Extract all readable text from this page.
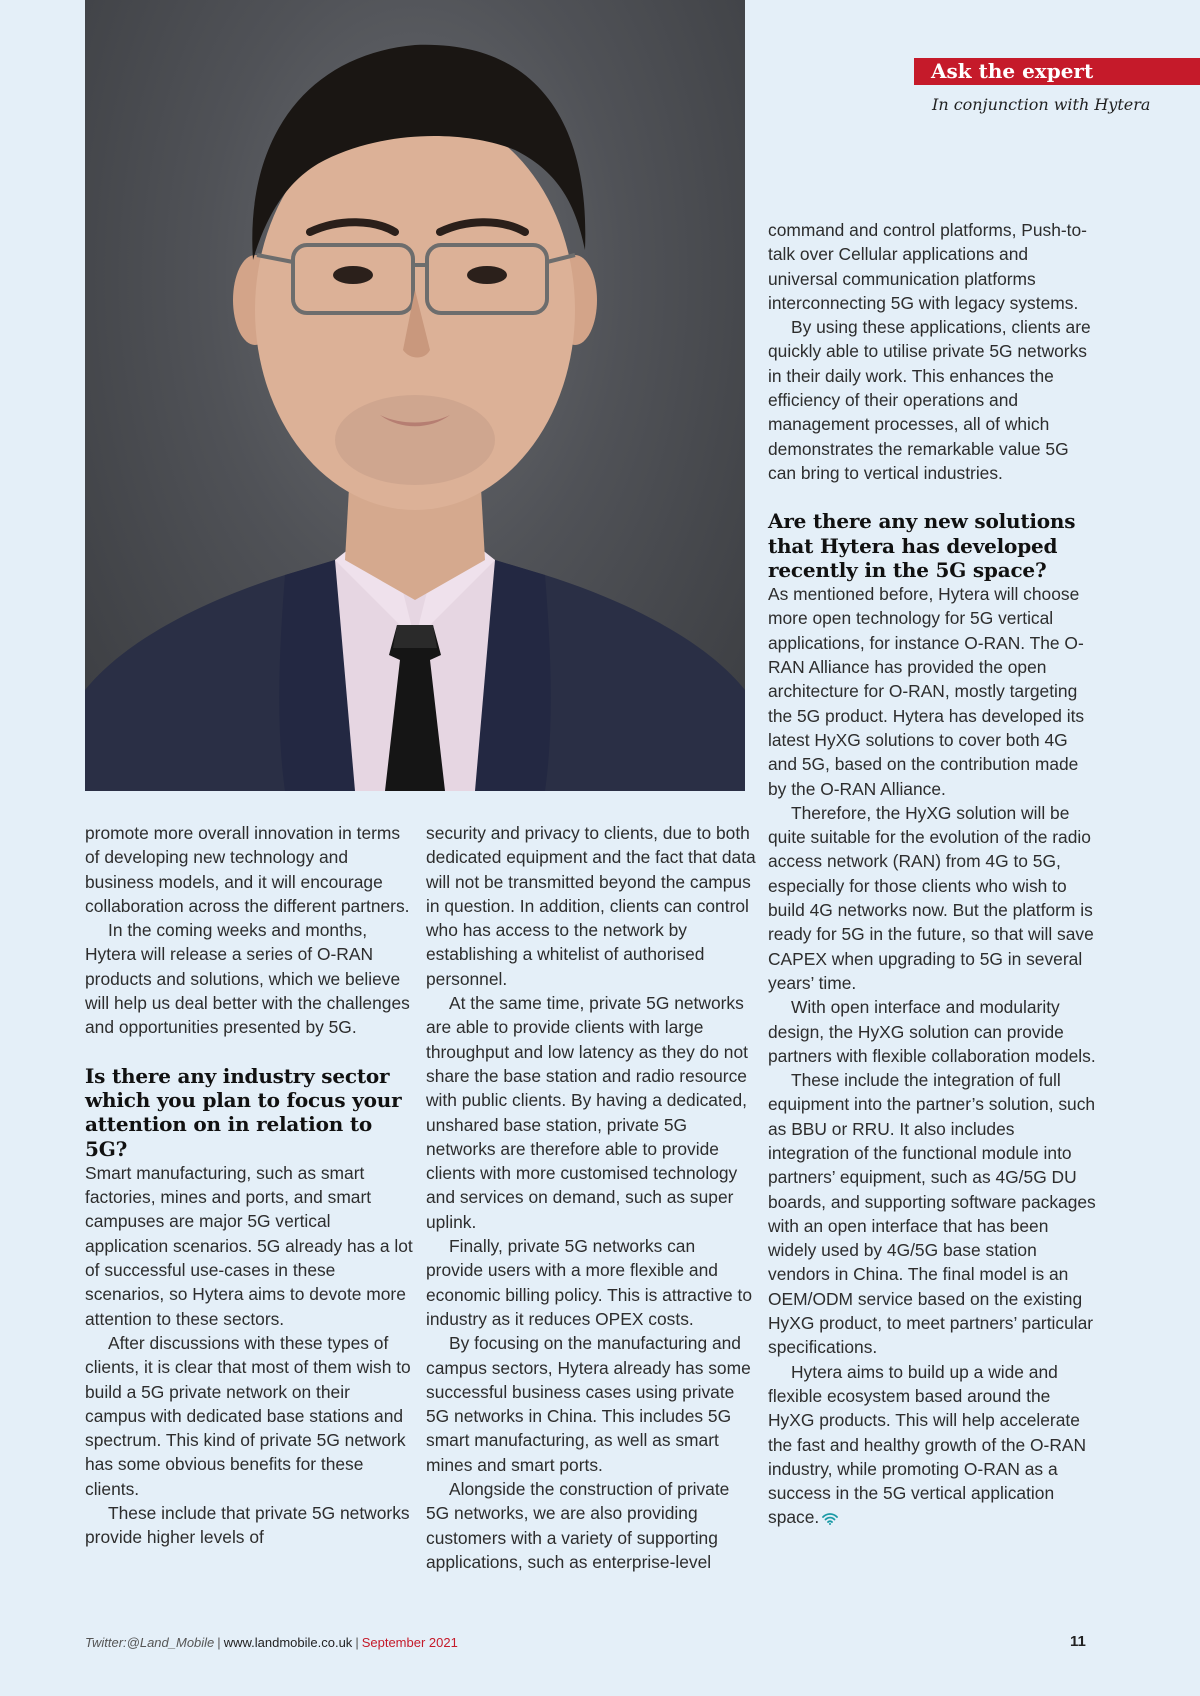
Ask the expert
In conjunction with Hytera

promote more overall innovation in terms of developing new technology and business models, and it will encourage collaboration across the different partners.

In the coming weeks and months, Hytera will release a series of O-RAN products and solutions, which we believe will help us deal better with the challenges and opportunities presented by 5G.

Is there any industry sector which you plan to focus your attention on in relation to 5G?

Smart manufacturing, such as smart factories, mines and ports, and smart campuses are major 5G vertical application scenarios. 5G already has a lot of successful use-cases in these scenarios, so Hytera aims to devote more attention to these sectors.

After discussions with these types of clients, it is clear that most of them wish to build a 5G private network on their campus with dedicated base stations and spectrum. This kind of private 5G network has some obvious benefits for these clients.

These include that private 5G networks provide higher levels of

security and privacy to clients, due to both dedicated equipment and the fact that data will not be transmitted beyond the campus in question. In addition, clients can control who has access to the network by establishing a whitelist of authorised personnel.

At the same time, private 5G networks are able to provide clients with large throughput and low latency as they do not share the base station and radio resource with public clients. By having a dedicated, unshared base station, private 5G networks are therefore able to provide clients with more customised technology and services on demand, such as super uplink.

Finally, private 5G networks can provide users with a more flexible and economic billing policy. This is attractive to industry as it reduces OPEX costs.

By focusing on the manufacturing and campus sectors, Hytera already has some successful business cases using private 5G networks in China. This includes 5G smart manufacturing, as well as smart mines and smart ports.

Alongside the construction of private 5G networks, we are also providing customers with a variety of supporting applications, such as enterprise-level

command and control platforms, Push-to-talk over Cellular applications and universal communication platforms interconnecting 5G with legacy systems.

By using these applications, clients are quickly able to utilise private 5G networks in their daily work. This enhances the efficiency of their operations and management processes, all of which demonstrates the remarkable value 5G can bring to vertical industries.

Are there any new solutions that Hytera has developed recently in the 5G space?

As mentioned before, Hytera will choose more open technology for 5G vertical applications, for instance O-RAN. The O-RAN Alliance has provided the open architecture for O-RAN, mostly targeting the 5G product. Hytera has developed its latest HyXG solutions to cover both 4G and 5G, based on the contribution made by the O-RAN Alliance.

Therefore, the HyXG solution will be quite suitable for the evolution of the radio access network (RAN) from 4G to 5G, especially for those clients who wish to build 4G networks now. But the platform is ready for 5G in the future, so that will save CAPEX when upgrading to 5G in several years’ time.

With open interface and modularity design, the HyXG solution can provide partners with flexible collaboration models.

These include the integration of full equipment into the partner’s solution, such as BBU or RRU. It also includes integration of the functional module into partners’ equipment, such as 4G/5G DU boards, and supporting software packages with an open interface that has been widely used by 4G/5G base station vendors in China. The final model is an OEM/ODM service based on the existing HyXG product, to meet partners’ particular specifications.

Hytera aims to build up a wide and flexible ecosystem based around the HyXG products. This will help accelerate the fast and healthy growth of the O-RAN industry, while promoting O-RAN as a success in the 5G vertical application space.

Twitter:@Land_Mobile | www.landmobile.co.uk | September 2021	11
